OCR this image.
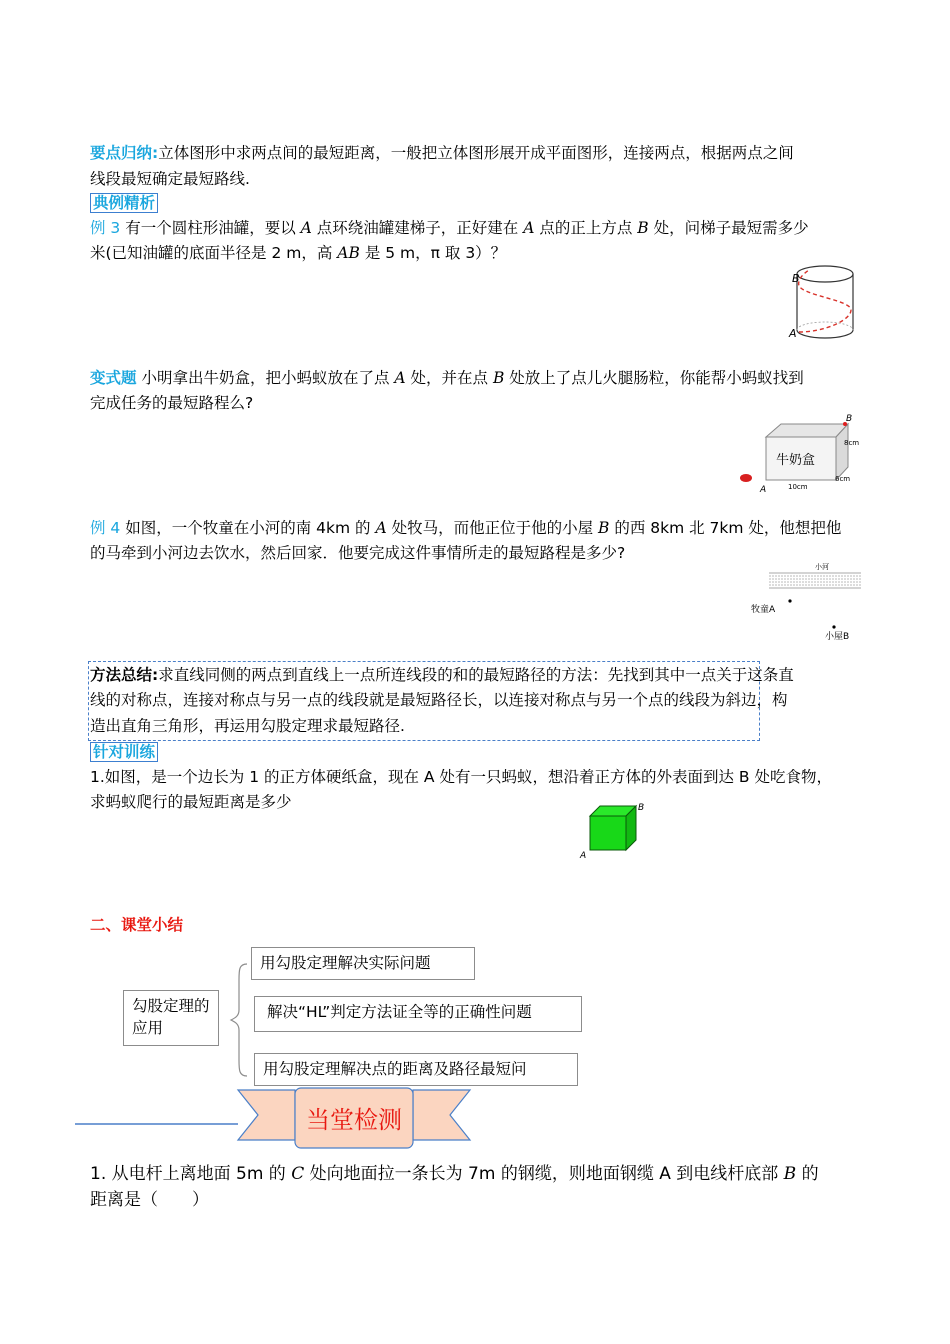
要点归纳:立体图形中求两点间的最短距离，一般把立体图形展开成平面图形，连接两点，根据两点之间
线段最短确定最短路线.
典例精析
例 3 有一个圆柱形油罐，要以 A 点环绕油罐建梯子，正好建在 A 点的正上方点 B 处，问梯子最短需多少
米(已知油罐的底面半径是 2 m，高 AB 是 5 m，π 取 3）？
B
A
变式题 小明拿出牛奶盒，把小蚂蚁放在了点 A 处，并在点 B 处放上了点儿火腿肠粒，你能帮小蚂蚁找到
完成任务的最短路程么?
牛奶盒
B
8cm
6cm
10cm
A
例 4 如图，一个牧童在小河的南 4km 的 A 处牧马，而他正位于他的小屋 B 的西 8km 北 7km 处，他想把他
的马牵到小河边去饮水，然后回家．他要完成这件事情所走的最短路程是多少?
小河
牧童A
小屋B
方法总结:求直线同侧的两点到直线上一点所连线段的和的最短路径的方法：先找到其中一点关于这条直
线的对称点，连接对称点与另一点的线段就是最短路径长，以连接对称点与另一个点的线段为斜边，构
造出直角三角形，再运用勾股定理求最短路径.
针对训练
1.如图，是一个边长为 1 的正方体硬纸盒，现在 A 处有一只蚂蚁，想沿着正方体的外表面到达 B 处吃食物，
求蚂蚁爬行的最短距离是多少	B
A
二、课堂小结
勾股定理的应用
用勾股定理解决实际问题
解决“HL”判定方法证全等的正确性问题
用勾股定理解决点的距离及路径最短问
当堂检测
1. 从电杆上离地面 5m 的 C 处向地面拉一条长为 7m 的钢缆，则地面钢缆 A 到电线杆底部 B 的
距离是（　　）
